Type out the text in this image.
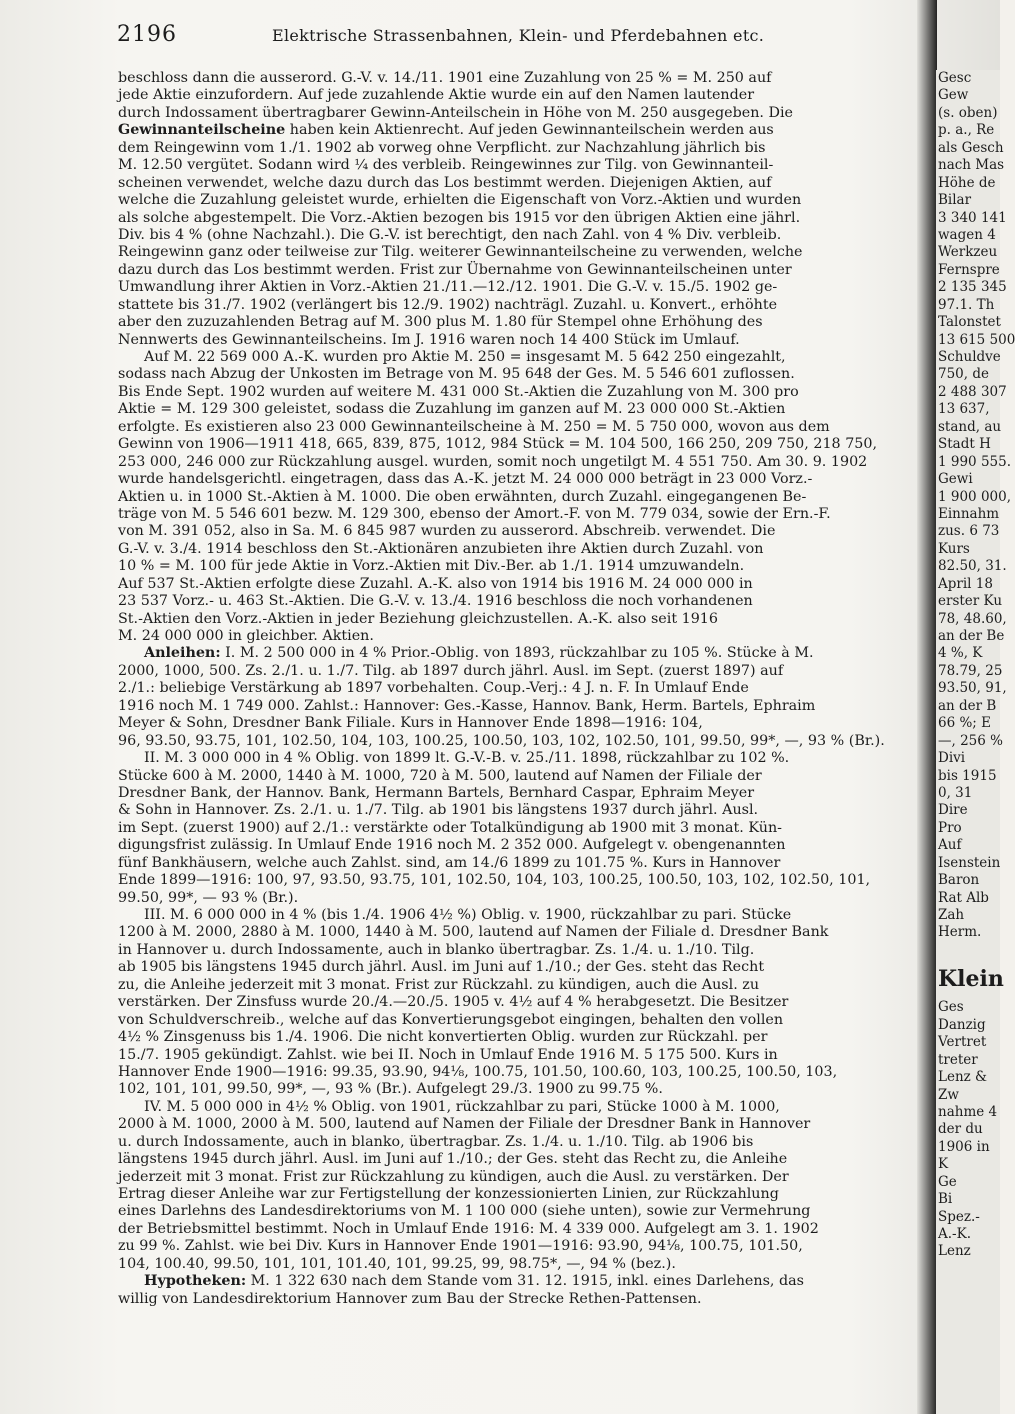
2196	Elektrische Strassenbahnen, Klein- und Pferdebahnen etc.
beschloss dann die ausserord. G.-V. v. 14./11. 1901 eine Zuzahlung von 25 % = M. 250 auf
jede Aktie einzufordern. Auf jede zuzahlende Aktie wurde ein auf den Namen lautender
durch Indossament übertragbarer Gewinn-Anteilschein in Höhe von M. 250 ausgegeben. Die
Gewinnanteilscheine haben kein Aktienrecht. Auf jeden Gewinnanteilschein werden aus
dem Reingewinn vom 1./1. 1902 ab vorweg ohne Verpflicht. zur Nachzahlung jährlich bis
M. 12.50 vergütet. Sodann wird ¼ des verbleib. Reingewinnes zur Tilg. von Gewinnanteil-
scheinen verwendet, welche dazu durch das Los bestimmt werden. Diejenigen Aktien, auf
welche die Zuzahlung geleistet wurde, erhielten die Eigenschaft von Vorz.-Aktien und wurden
als solche abgestempelt. Die Vorz.-Aktien bezogen bis 1915 vor den übrigen Aktien eine jährl.
Div. bis 4 % (ohne Nachzahl.). Die G.-V. ist berechtigt, den nach Zahl. von 4 % Div. verbleib.
Reingewinn ganz oder teilweise zur Tilg. weiterer Gewinnanteilscheine zu verwenden, welche
dazu durch das Los bestimmt werden. Frist zur Übernahme von Gewinnanteilscheinen unter
Umwandlung ihrer Aktien in Vorz.-Aktien 21./11.—12./12. 1901. Die G.-V. v. 15./5. 1902 ge-
stattete bis 31./7. 1902 (verlängert bis 12./9. 1902) nachträgl. Zuzahl. u. Konvert., erhöhte
aber den zuzuzahlenden Betrag auf M. 300 plus M. 1.80 für Stempel ohne Erhöhung des
Nennwerts des Gewinnanteilscheins. Im J. 1916 waren noch 14 400 Stück im Umlauf.
Auf M. 22 569 000 A.-K. wurden pro Aktie M. 250 = insgesamt M. 5 642 250 eingezahlt,
sodass nach Abzug der Unkosten im Betrage von M. 95 648 der Ges. M. 5 546 601 zuflossen.
Bis Ende Sept. 1902 wurden auf weitere M. 431 000 St.-Aktien die Zuzahlung von M. 300 pro
Aktie = M. 129 300 geleistet, sodass die Zuzahlung im ganzen auf M. 23 000 000 St.-Aktien
erfolgte. Es existieren also 23 000 Gewinnanteilscheine à M. 250 = M. 5 750 000, wovon aus dem
Gewinn von 1906—1911 418, 665, 839, 875, 1012, 984 Stück = M. 104 500, 166 250, 209 750, 218 750,
253 000, 246 000 zur Rückzahlung ausgel. wurden, somit noch ungetilgt M. 4 551 750. Am 30. 9. 1902
wurde handelsgerichtl. eingetragen, dass das A.-K. jetzt M. 24 000 000 beträgt in 23 000 Vorz.-
Aktien u. in 1000 St.-Aktien à M. 1000. Die oben erwähnten, durch Zuzahl. eingegangenen Be-
träge von M. 5 546 601 bezw. M. 129 300, ebenso der Amort.-F. von M. 779 034, sowie der Ern.-F.
von M. 391 052, also in Sa. M. 6 845 987 wurden zu ausserord. Abschreib. verwendet. Die
G.-V. v. 3./4. 1914 beschloss den St.-Aktionären anzubieten ihre Aktien durch Zuzahl. von
10 % = M. 100 für jede Aktie in Vorz.-Aktien mit Div.-Ber. ab 1./1. 1914 umzuwandeln.
Auf 537 St.-Aktien erfolgte diese Zuzahl. A.-K. also von 1914 bis 1916 M. 24 000 000 in
23 537 Vorz.- u. 463 St.-Aktien. Die G.-V. v. 13./4. 1916 beschloss die noch vorhandenen
St.-Aktien den Vorz.-Aktien in jeder Beziehung gleichzustellen. A.-K. also seit 1916
M. 24 000 000 in gleichber. Aktien.
Anleihen: I. M. 2 500 000 in 4 % Prior.-Oblig. von 1893, rückzahlbar zu 105 %. Stücke à M.
2000, 1000, 500. Zs. 2./1. u. 1./7. Tilg. ab 1897 durch jährl. Ausl. im Sept. (zuerst 1897) auf
2./1.: beliebige Verstärkung ab 1897 vorbehalten. Coup.-Verj.: 4 J. n. F. In Umlauf Ende
1916 noch M. 1 749 000. Zahlst.: Hannover: Ges.-Kasse, Hannov. Bank, Herm. Bartels, Ephraim
Meyer & Sohn, Dresdner Bank Filiale. Kurs in Hannover Ende 1898—1916: 104,
96, 93.50, 93.75, 101, 102.50, 104, 103, 100.25, 100.50, 103, 102, 102.50, 101, 99.50, 99*, —, 93 % (Br.).
II. M. 3 000 000 in 4 % Oblig. von 1899 lt. G.-V.-B. v. 25./11. 1898, rückzahlbar zu 102 %.
Stücke 600 à M. 2000, 1440 à M. 1000, 720 à M. 500, lautend auf Namen der Filiale der
Dresdner Bank, der Hannov. Bank, Hermann Bartels, Bernhard Caspar, Ephraim Meyer
& Sohn in Hannover. Zs. 2./1. u. 1./7. Tilg. ab 1901 bis längstens 1937 durch jährl. Ausl.
im Sept. (zuerst 1900) auf 2./1.: verstärkte oder Totalkündigung ab 1900 mit 3 monat. Kün-
digungsfrist zulässig. In Umlauf Ende 1916 noch M. 2 352 000. Aufgelegt v. obengenannten
fünf Bankhäusern, welche auch Zahlst. sind, am 14./6 1899 zu 101.75 %. Kurs in Hannover
Ende 1899—1916: 100, 97, 93.50, 93.75, 101, 102.50, 104, 103, 100.25, 100.50, 103, 102, 102.50, 101,
99.50, 99*, — 93 % (Br.).
III. M. 6 000 000 in 4 % (bis 1./4. 1906 4½ %) Oblig. v. 1900, rückzahlbar zu pari. Stücke
1200 à M. 2000, 2880 à M. 1000, 1440 à M. 500, lautend auf Namen der Filiale d. Dresdner Bank
in Hannover u. durch Indossamente, auch in blanko übertragbar. Zs. 1./4. u. 1./10. Tilg.
ab 1905 bis längstens 1945 durch jährl. Ausl. im Juni auf 1./10.; der Ges. steht das Recht
zu, die Anleihe jederzeit mit 3 monat. Frist zur Rückzahl. zu kündigen, auch die Ausl. zu
verstärken. Der Zinsfuss wurde 20./4.—20./5. 1905 v. 4½ auf 4 % herabgesetzt. Die Besitzer
von Schuldverschreib., welche auf das Konvertierungsgebot eingingen, behalten den vollen
4½ % Zinsgenuss bis 1./4. 1906. Die nicht konvertierten Oblig. wurden zur Rückzahl. per
15./7. 1905 gekündigt. Zahlst. wie bei II. Noch in Umlauf Ende 1916 M. 5 175 500. Kurs in
Hannover Ende 1900—1916: 99.35, 93.90, 94⅛, 100.75, 101.50, 100.60, 103, 100.25, 100.50, 103,
102, 101, 101, 99.50, 99*, —, 93 % (Br.). Aufgelegt 29./3. 1900 zu 99.75 %.
IV. M. 5 000 000 in 4½ % Oblig. von 1901, rückzahlbar zu pari, Stücke 1000 à M. 1000,
2000 à M. 1000, 2000 à M. 500, lautend auf Namen der Filiale der Dresdner Bank in Hannover
u. durch Indossamente, auch in blanko, übertragbar. Zs. 1./4. u. 1./10. Tilg. ab 1906 bis
längstens 1945 durch jährl. Ausl. im Juni auf 1./10.; der Ges. steht das Recht zu, die Anleihe
jederzeit mit 3 monat. Frist zur Rückzahlung zu kündigen, auch die Ausl. zu verstärken. Der
Ertrag dieser Anleihe war zur Fertigstellung der konzessionierten Linien, zur Rückzahlung
eines Darlehns des Landesdirektoriums von M. 1 100 000 (siehe unten), sowie zur Vermehrung
der Betriebsmittel bestimmt. Noch in Umlauf Ende 1916: M. 4 339 000. Aufgelegt am 3. 1. 1902
zu 99 %. Zahlst. wie bei Div. Kurs in Hannover Ende 1901—1916: 93.90, 94⅛, 100.75, 101.50,
104, 100.40, 99.50, 101, 101, 101.40, 101, 99.25, 99, 98.75*, —, 94 % (bez.).
Hypotheken: M. 1 322 630 nach dem Stande vom 31. 12. 1915, inkl. eines Darlehens, das
willig von Landesdirektorium Hannover zum Bau der Strecke Rethen-Pattensen.
Gesc
Gew
(s. oben)
p. a., Re
als Gesch
nach Mas
Höhe de
Bilar
3 340 141
wagen 4
Werkzeu
Fernspre
2 135 345
97.1. Th
Talonstet
13 615 500
Schuldve
750, de
2 488 307
13 637,
stand, au
Stadt H
1 990 555.
Gewi
1 900 000,
Einnahm
zus. 6 73
Kurs
82.50, 31.
April 18
erster Ku
78, 48.60,
an der Be
4 %, K
78.79, 25
93.50, 91,
an der B
66 %; E
—, 256 %
Divi
bis 1915
0, 31
Dire
Pro
Auf
Isenstein
Baron
Rat Alb
Zah
Herm.
Klein
Ges
Danzig
Vertret
treter
Lenz &
Zw
nahme 4
der du
1906 in
K
Ge
Bi
Spez.-
A.-K.
Lenz
